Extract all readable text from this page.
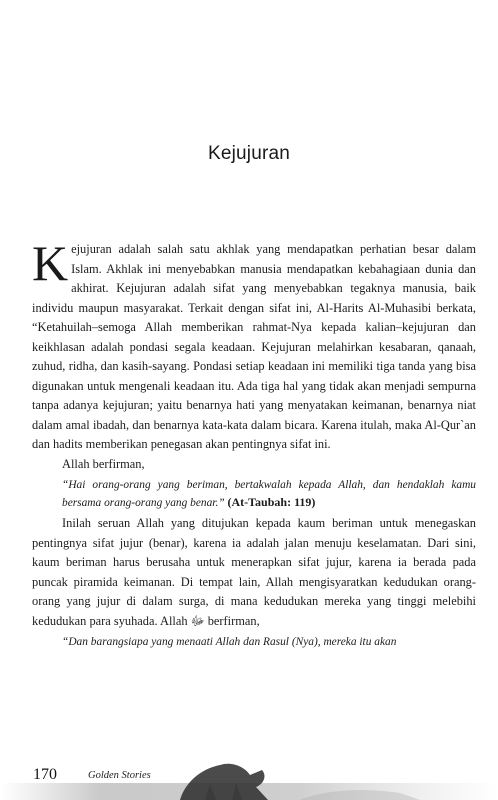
Kejujuran

Kejujuran adalah salah satu akhlak yang mendapatkan perhatian besar dalam Islam. Akhlak ini menyebabkan manusia mendapatkan kebahagiaan dunia dan akhirat. Kejujuran adalah sifat yang menyebabkan tegaknya manusia, baik individu maupun masyarakat. Terkait dengan sifat ini, Al-Harits Al-Muhasibi berkata, “Ketahuilah–semoga Allah memberikan rahmat-Nya kepada kalian–kejujuran dan keikhlasan adalah pondasi segala keadaan. Kejujuran melahirkan kesabaran, qanaah, zuhud, ridha, dan kasih-sayang. Pondasi setiap keadaan ini memiliki tiga tanda yang bisa digunakan untuk mengenali keadaan itu. Ada tiga hal yang tidak akan menjadi sempurna tanpa adanya kejujuran; yaitu benarnya hati yang menyatakan keimanan, benarnya niat dalam amal ibadah, dan benarnya kata-kata dalam bicara. Karena itulah, maka Al-Qur`an dan hadits memberikan penegasan akan pentingnya sifat ini.

Allah berfirman,

“Hai orang-orang yang beriman, bertakwalah kepada Allah, dan hendaklah kamu bersama orang-orang yang benar.” (At-Taubah: 119)

Inilah seruan Allah yang ditujukan kepada kaum beriman untuk menegaskan pentingnya sifat jujur (benar), karena ia adalah jalan menuju keselamatan. Dari sini, kaum beriman harus berusaha untuk menerapkan sifat jujur, karena ia berada pada puncak piramida keimanan. Di tempat lain, Allah mengisyaratkan kedudukan orang-orang yang jujur di dalam surga, di mana kedudukan mereka yang tinggi melebihi kedudukan para syuhada. Allah ﷻ berfirman,

“Dan barangsiapa yang menaati Allah dan Rasul (Nya), mereka itu akan

170	Golden Stories
